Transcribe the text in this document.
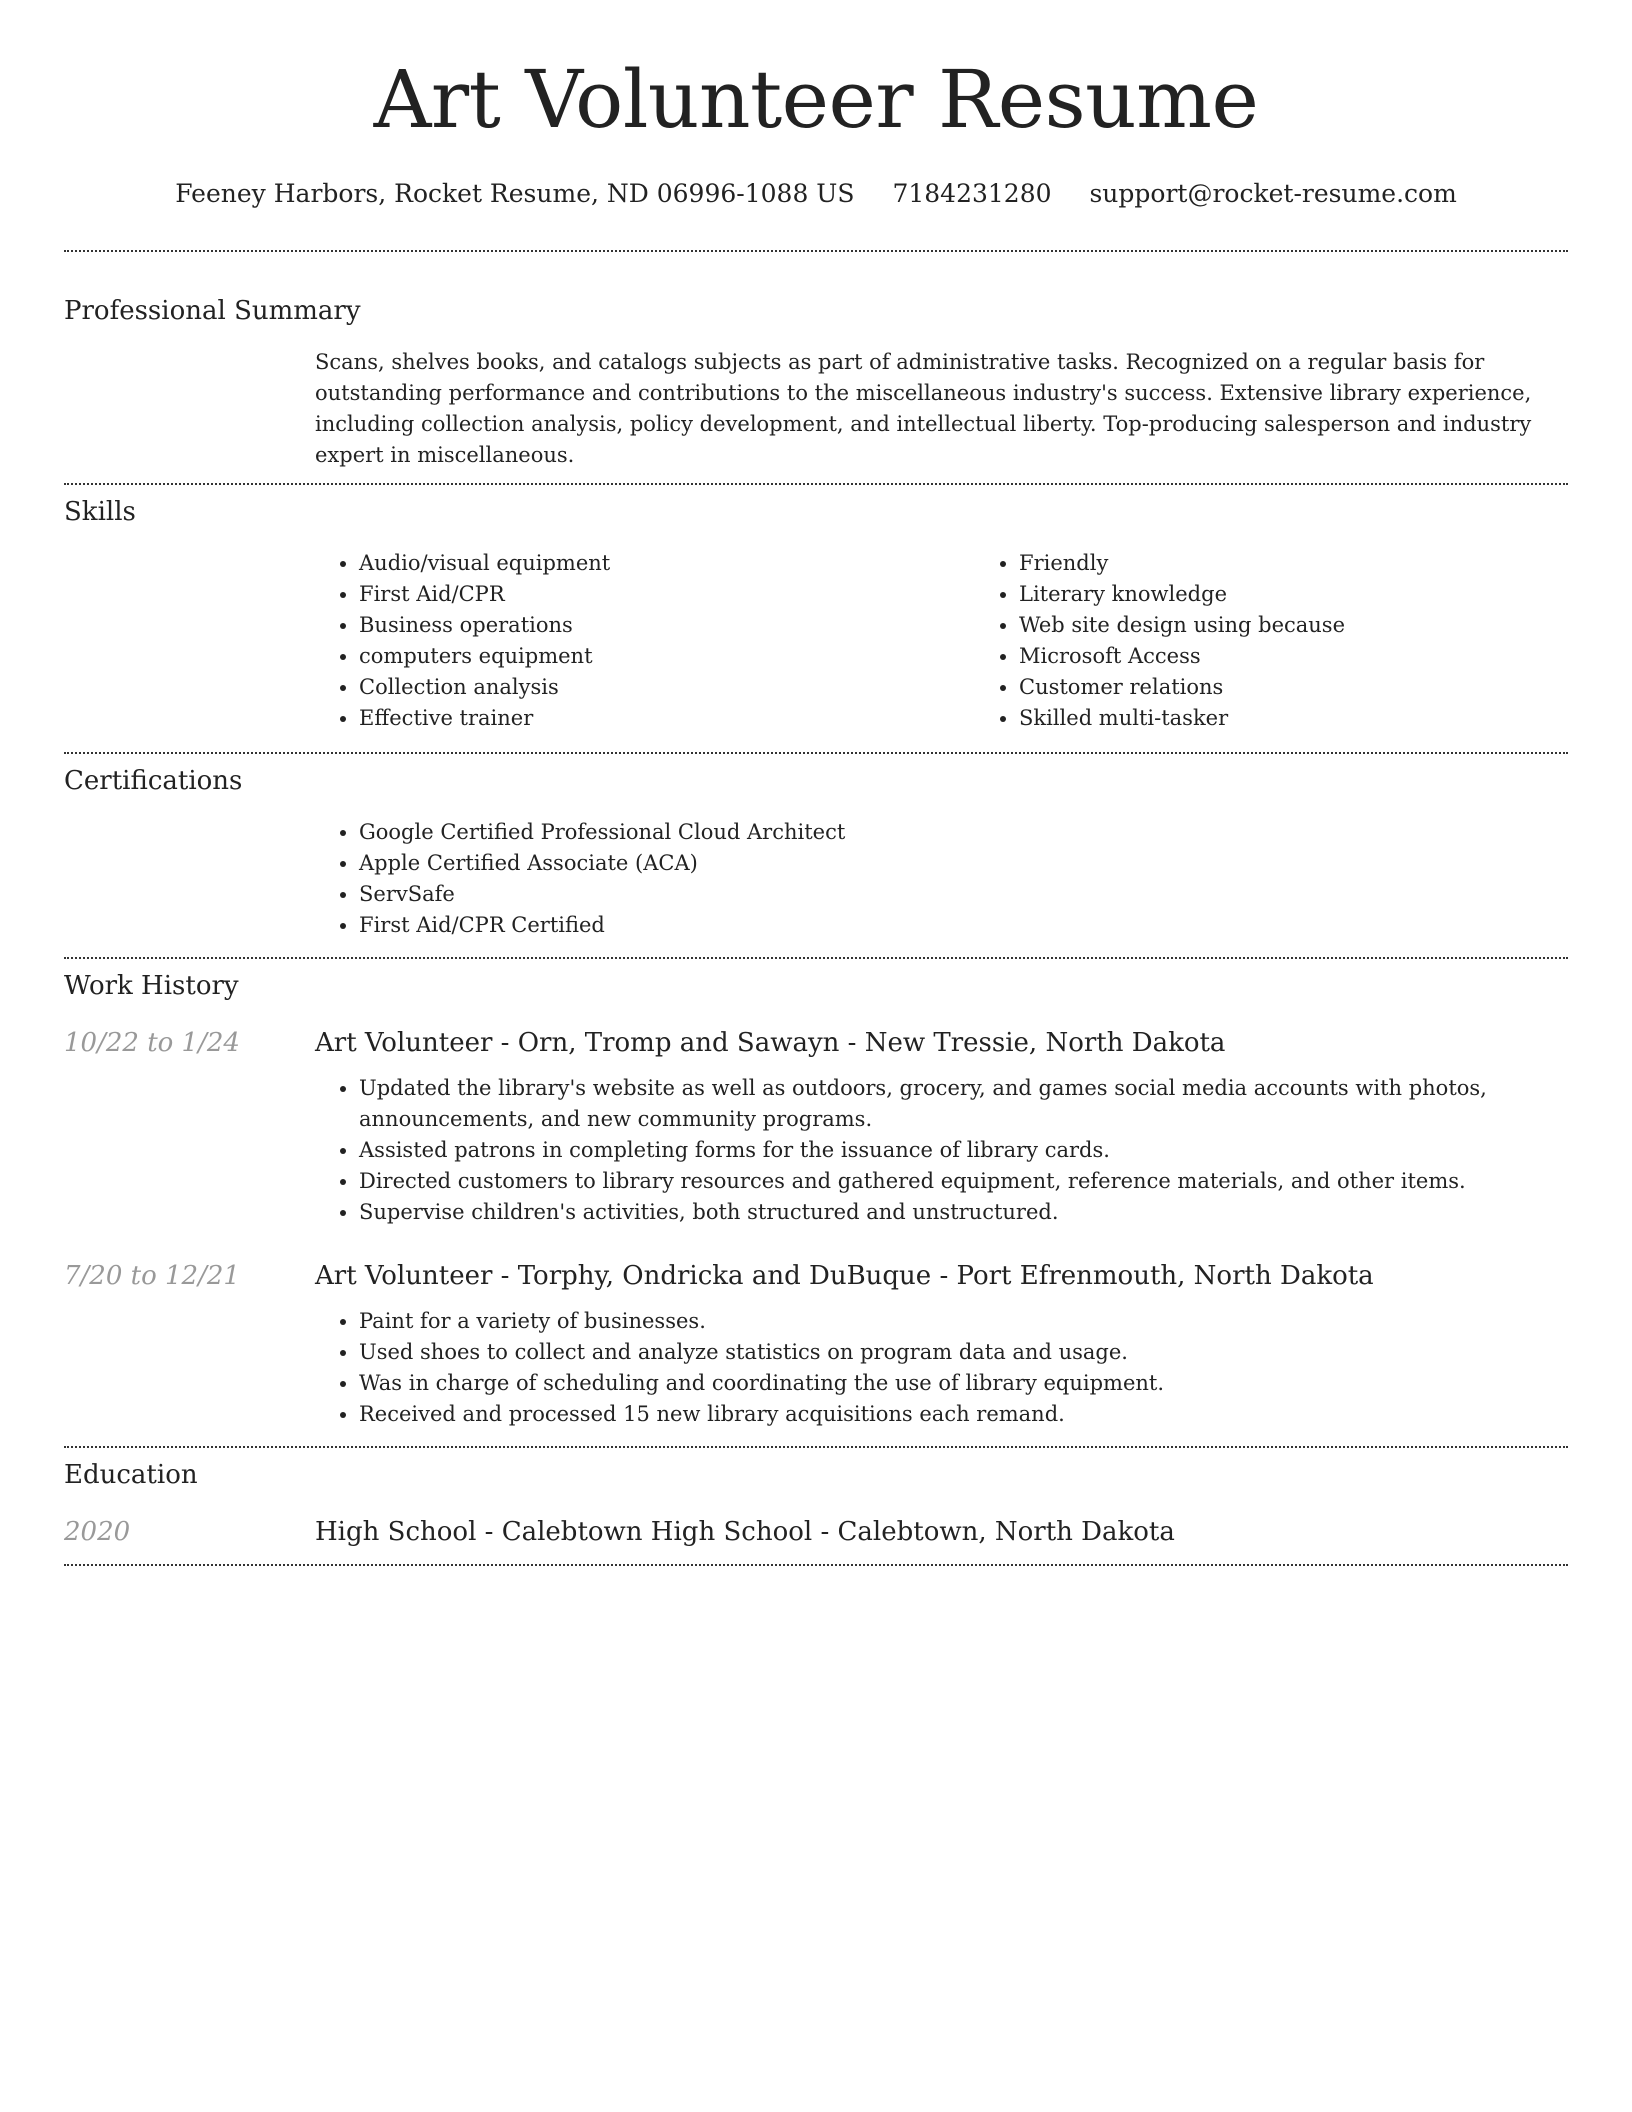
Art Volunteer Resume
Feeney Harbors, Rocket Resume, ND 06996-1088 US 7184231280 support@rocket-resume.com
Professional Summary
Scans, shelves books, and catalogs subjects as part of administrative tasks. Recognized on a regular basis for outstanding performance and contributions to the miscellaneous industry's success. Extensive library experience, including collection analysis, policy development, and intellectual liberty. Top-producing salesperson and industry expert in miscellaneous.
Skills
• Audio/visual equipment
• First Aid/CPR
• Business operations
• computers equipment
• Collection analysis
• Effective trainer
• Friendly
• Literary knowledge
• Web site design using because
• Microsoft Access
• Customer relations
• Skilled multi-tasker
Certifications
• Google Certified Professional Cloud Architect
• Apple Certified Associate (ACA)
• ServSafe
• First Aid/CPR Certified
Work History
10/22 to 1/24	Art Volunteer - Orn, Tromp and Sawayn - New Tressie, North Dakota
• Updated the library's website as well as outdoors, grocery, and games social media accounts with photos, announcements, and new community programs.
• Assisted patrons in completing forms for the issuance of library cards.
• Directed customers to library resources and gathered equipment, reference materials, and other items.
• Supervise children's activities, both structured and unstructured.
7/20 to 12/21	Art Volunteer - Torphy, Ondricka and DuBuque - Port Efrenmouth, North Dakota
• Paint for a variety of businesses.
• Used shoes to collect and analyze statistics on program data and usage.
• Was in charge of scheduling and coordinating the use of library equipment.
• Received and processed 15 new library acquisitions each remand.
Education
2020	High School - Calebtown High School - Calebtown, North Dakota
